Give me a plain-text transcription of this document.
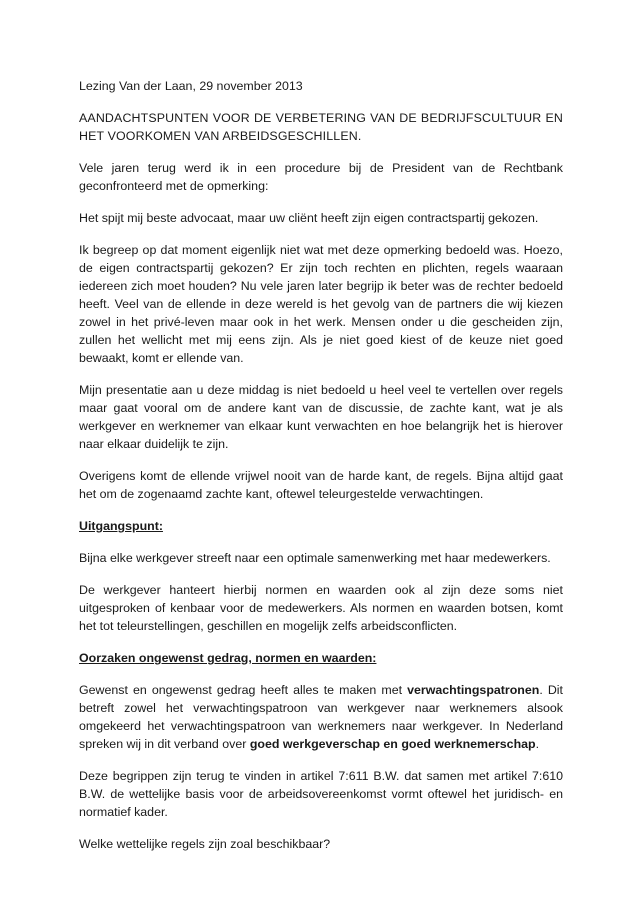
Lezing Van der Laan, 29 november 2013

AANDACHTSPUNTEN VOOR DE VERBETERING VAN DE BEDRIJFSCULTUUR EN HET VOORKOMEN VAN ARBEIDSGESCHILLEN.

Vele jaren terug werd ik in een procedure bij de President van de Rechtbank geconfronteerd met de opmerking:

Het spijt mij beste advocaat, maar uw cliënt heeft zijn eigen contractspartij gekozen.

Ik begreep op dat moment eigenlijk niet wat met deze opmerking bedoeld was. Hoezo, de eigen contractspartij gekozen? Er zijn toch rechten en plichten, regels waaraan iedereen zich moet houden? Nu vele jaren later begrijp ik beter was de rechter bedoeld heeft. Veel van de ellende in deze wereld is het gevolg van de partners die wij kiezen zowel in het privé-leven maar ook in het werk. Mensen onder u die gescheiden zijn, zullen het wellicht met mij eens zijn. Als je niet goed kiest of de keuze niet goed bewaakt, komt er ellende van.

Mijn presentatie aan u deze middag is niet bedoeld u heel veel te vertellen over regels maar gaat vooral om de andere kant van de discussie, de zachte kant, wat je als werkgever en werknemer van elkaar kunt verwachten en hoe belangrijk het is hierover naar elkaar duidelijk te zijn.

Overigens komt de ellende vrijwel nooit van de harde kant, de regels. Bijna altijd gaat het om de zogenaamd zachte kant, oftewel teleurgestelde verwachtingen.

Uitgangspunt:

Bijna elke werkgever streeft naar een optimale samenwerking met haar medewerkers.

De werkgever hanteert hierbij normen en waarden ook al zijn deze soms niet uitgesproken of kenbaar voor de medewerkers. Als normen en waarden botsen, komt het tot teleurstellingen, geschillen en mogelijk zelfs arbeidsconflicten.

Oorzaken ongewenst gedrag, normen en waarden:

Gewenst en ongewenst gedrag heeft alles te maken met verwachtingspatronen. Dit betreft zowel het verwachtingspatroon van werkgever naar werknemers alsook omgekeerd het verwachtingspatroon van werknemers naar werkgever. In Nederland spreken wij in dit verband over goed werkgeverschap en goed werknemerschap.

Deze begrippen zijn terug te vinden in artikel 7:611 B.W. dat samen met artikel 7:610 B.W. de wettelijke basis voor de arbeidsovereenkomst vormt oftewel het juridisch- en normatief kader.

Welke wettelijke regels zijn zoal beschikbaar?
